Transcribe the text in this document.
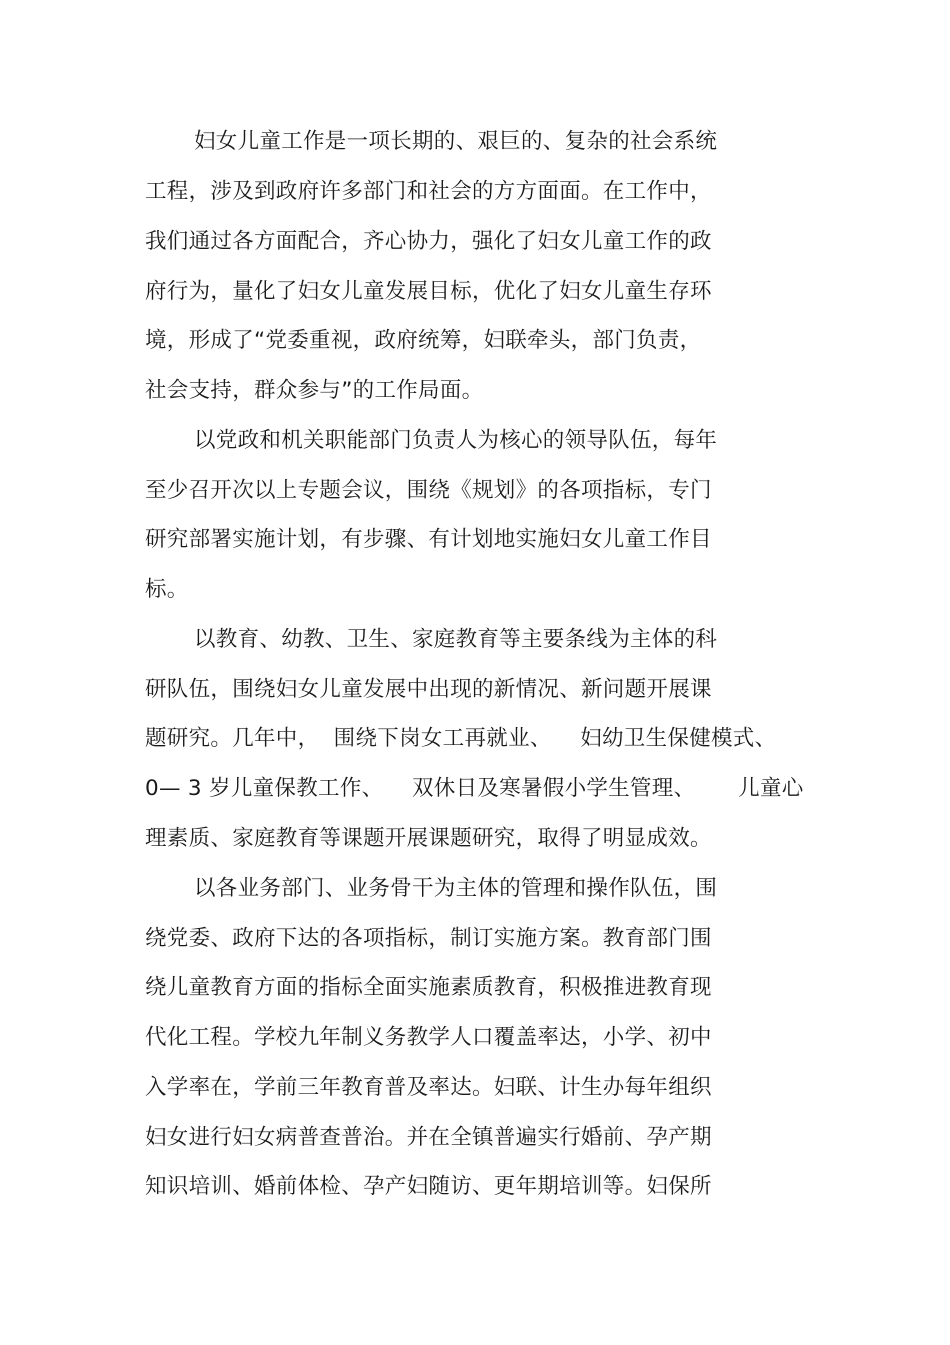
妇女儿童工作是一项长期的、艰巨的、复杂的社会系统
工程，涉及到政府许多部门和社会的方方面面。在工作中，
我们通过各方面配合，齐心协力，强化了妇女儿童工作的政
府行为，量化了妇女儿童发展目标，优化了妇女儿童生存环
境，形成了“党委重视，政府统筹，妇联牵头，部门负责，
社会支持，群众参与”的工作局面。
以党政和机关职能部门负责人为核心的领导队伍，每年
至少召开次以上专题会议，围绕《规划》的各项指标，专门
研究部署实施计划，有步骤、有计划地实施妇女儿童工作目
标。
以教育、幼教、卫生、家庭教育等主要条线为主体的科
研队伍，围绕妇女儿童发展中出现的新情况、新问题开展课
题研究。几年中，  围绕下岗女工再就业、    妇幼卫生保健模式、
0— 3 岁儿童保教工作、    双休日及寒暑假小学生管理、      儿童心
理素质、家庭教育等课题开展课题研究，取得了明显成效。
以各业务部门、业务骨干为主体的管理和操作队伍，围
绕党委、政府下达的各项指标，制订实施方案。教育部门围
绕儿童教育方面的指标全面实施素质教育，积极推进教育现
代化工程。学校九年制义务教学人口覆盖率达，小学、初中
入学率在，学前三年教育普及率达。妇联、计生办每年组织
妇女进行妇女病普查普治。并在全镇普遍实行婚前、孕产期
知识培训、婚前体检、孕产妇随访、更年期培训等。妇保所
